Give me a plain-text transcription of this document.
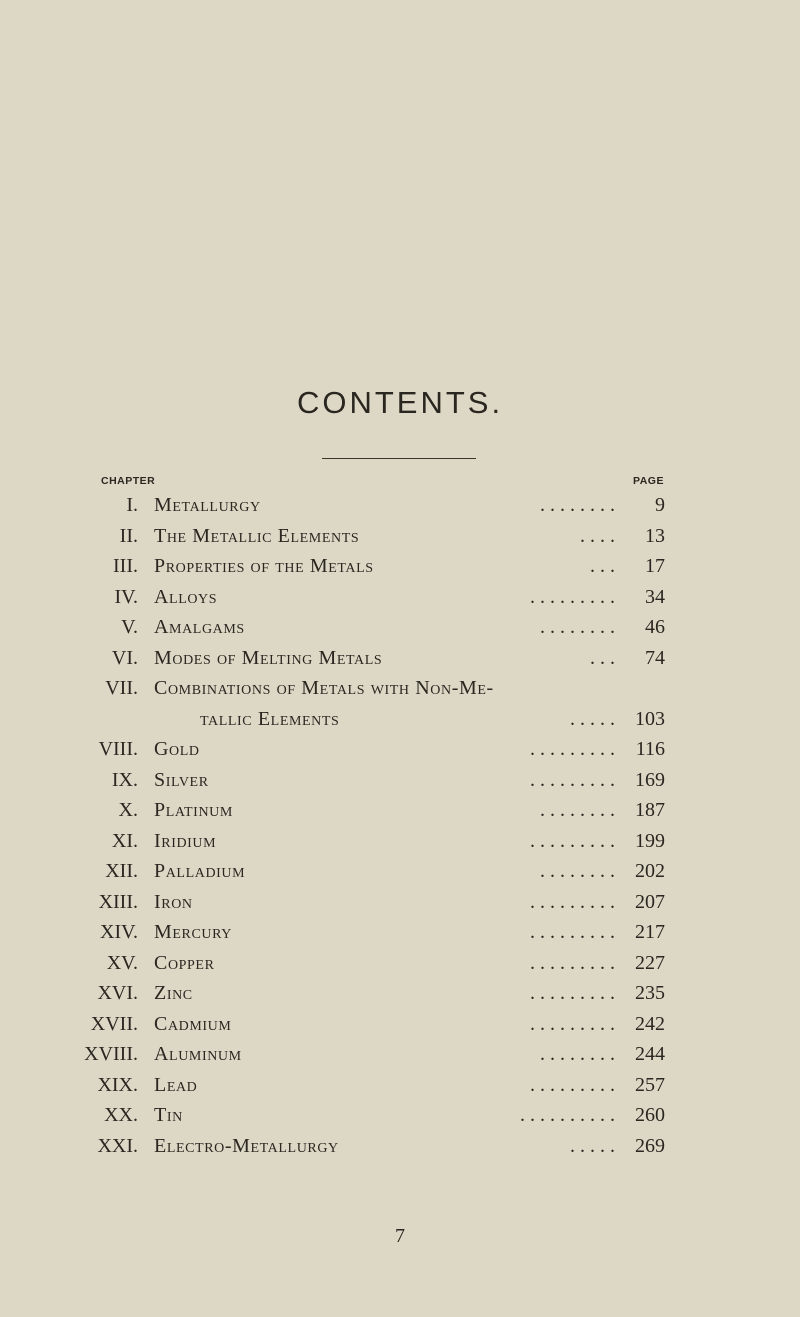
CONTENTS.
CHAPTER	PAGE
I. Metallurgy	. . . . . . . .	9
II. The Metallic Elements	. . . .	13
III. Properties of the Metals	. . .	17
IV. Alloys	. . . . . . . . .	34
V. Amalgams	. . . . . . . .	46
VI. Modes of Melting Metals	. . .	74
VII. Combinations of Metals with Non-Me-
tallic Elements	. . . . .	103
VIII. Gold	. . . . . . . . .	116
IX. Silver	. . . . . . . . .	169
X. Platinum	. . . . . . . .	187
XI. Iridium	. . . . . . . . .	199
XII. Palladium	. . . . . . . .	202
XIII. Iron	. . . . . . . . .	207
XIV. Mercury	. . . . . . . . .	217
XV. Copper	. . . . . . . . .	227
XVI. Zinc	. . . . . . . . .	235
XVII. Cadmium	. . . . . . . . .	242
XVIII. Aluminum	. . . . . . . .	244
XIX. Lead	. . . . . . . . .	257
XX. Tin	. . . . . . . . . .	260
XXI. Electro-Metallurgy	. . . . .	269
7
